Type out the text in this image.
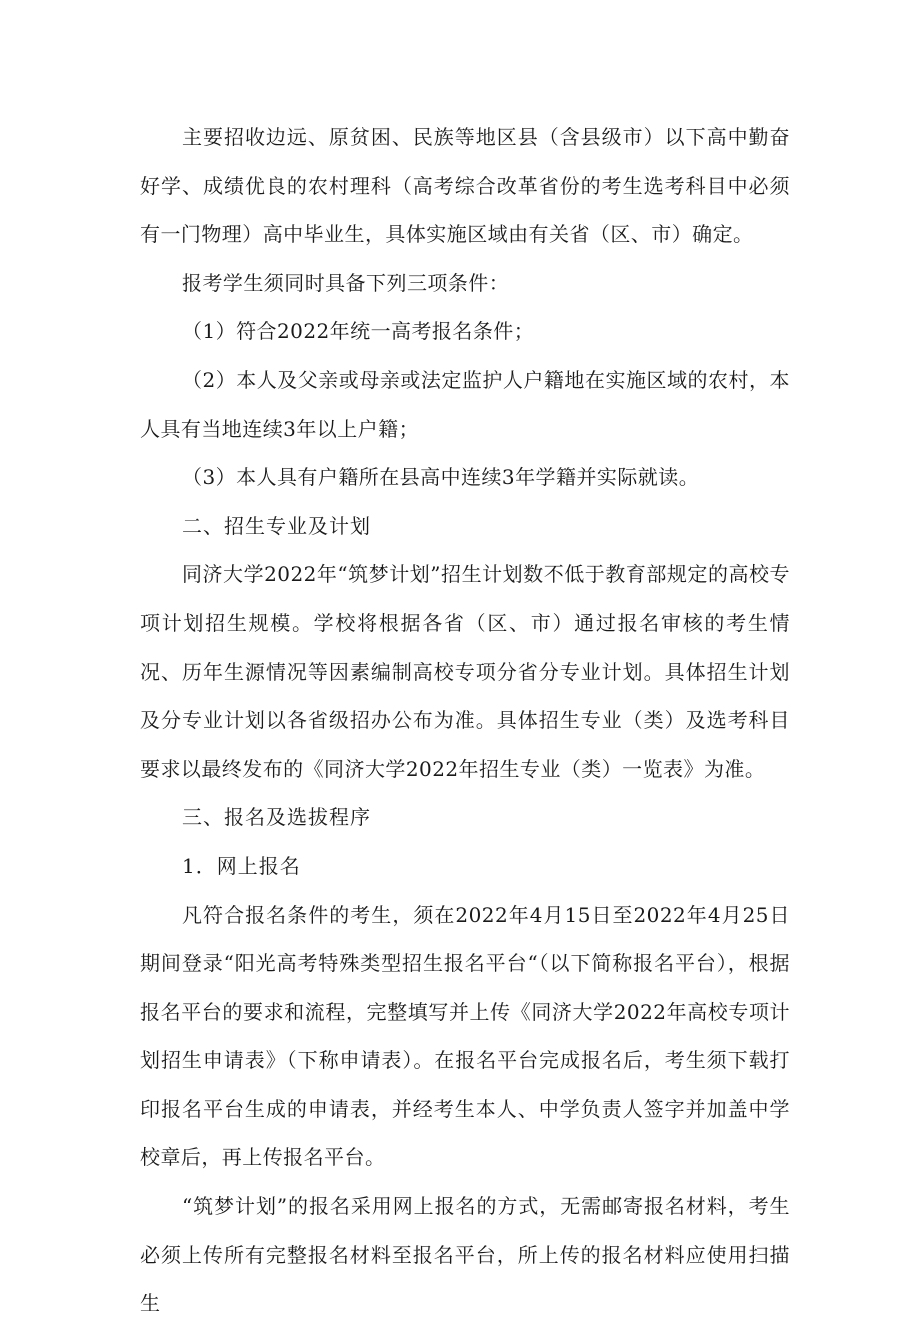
主要招收边远、原贫困、民族等地区县（含县级市）以下高中勤奋好学、成绩优良的农村理科（高考综合改革省份的考生选考科目中必须有一门物理）高中毕业生，具体实施区域由有关省（区、市）确定。

报考学生须同时具备下列三项条件：

（1）符合2022年统一高考报名条件；

（2）本人及父亲或母亲或法定监护人户籍地在实施区域的农村，本人具有当地连续3年以上户籍；

（3）本人具有户籍所在县高中连续3年学籍并实际就读。

二、招生专业及计划

同济大学2022年“筑梦计划”招生计划数不低于教育部规定的高校专项计划招生规模。学校将根据各省（区、市）通过报名审核的考生情况、历年生源情况等因素编制高校专项分省分专业计划。具体招生计划及分专业计划以各省级招办公布为准。具体招生专业（类）及选考科目要求以最终发布的《同济大学2022年招生专业（类）一览表》为准。

三、报名及选拔程序

1．网上报名

凡符合报名条件的考生，须在2022年4月15日至2022年4月25日期间登录“阳光高考特殊类型招生报名平台“（以下简称报名平台），根据报名平台的要求和流程，完整填写并上传《同济大学2022年高校专项计划招生申请表》（下称申请表）。在报名平台完成报名后，考生须下载打印报名平台生成的申请表，并经考生本人、中学负责人签字并加盖中学校章后，再上传报名平台。

“筑梦计划”的报名采用网上报名的方式，无需邮寄报名材料，考生必须上传所有完整报名材料至报名平台，所上传的报名材料应使用扫描生
